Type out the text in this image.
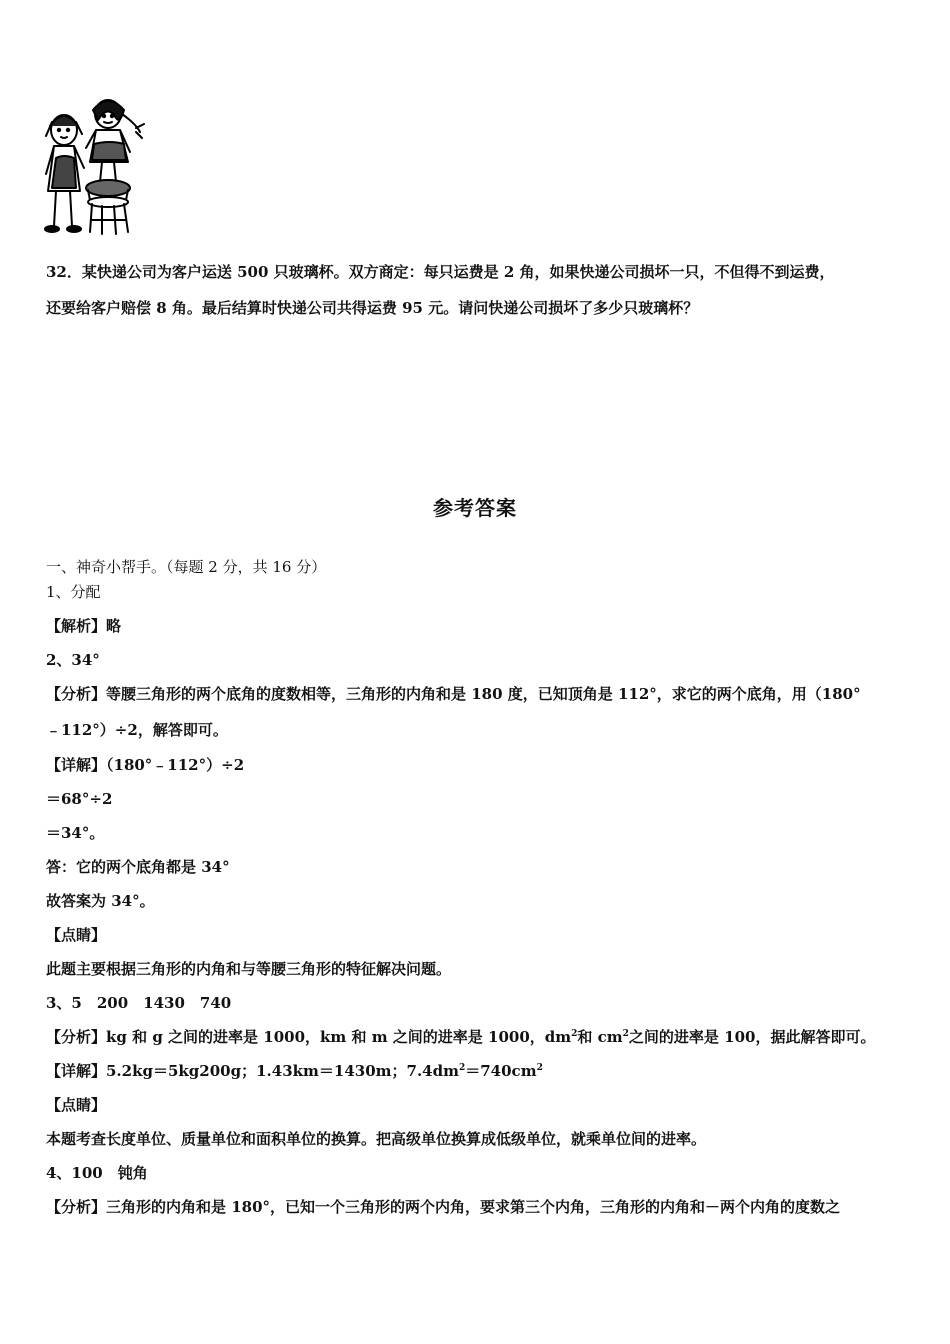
32．某快递公司为客户运送 500 只玻璃杯。双方商定：每只运费是 2 角，如果快递公司损坏一只，不但得不到运费，
还要给客户赔偿 8 角。最后结算时快递公司共得运费 95 元。请问快递公司损坏了多少只玻璃杯？
参考答案
一、神奇小帮手。（每题 2 分，共 16 分）
1、分配
【解析】略
2、34°
【分析】等腰三角形的两个底角的度数相等，三角形的内角和是 180 度，已知顶角是 112°，求它的两个底角，用（180°
﹣112°）÷2，解答即可。
【详解】（180°﹣112°）÷2
＝68°÷2
＝34°。
答：它的两个底角都是 34°
故答案为 34°。
【点睛】
此题主要根据三角形的内角和与等腰三角形的特征解决问题。
3、5　200　1430　740
【分析】kg 和 g 之间的进率是 1000，km 和 m 之间的进率是 1000，$dm^2$和 $cm^2$之间的进率是 100，据此解答即可。
【详解】5.2kg＝5kg200g；1.43km＝1430m；$7.4dm^2=740cm^2$
【点睛】
本题考查长度单位、质量单位和面积单位的换算。把高级单位换算成低级单位，就乘单位间的进率。
4、100　钝角
【分析】三角形的内角和是 180°，已知一个三角形的两个内角，要求第三个内角，三角形的内角和－两个内角的度数之
